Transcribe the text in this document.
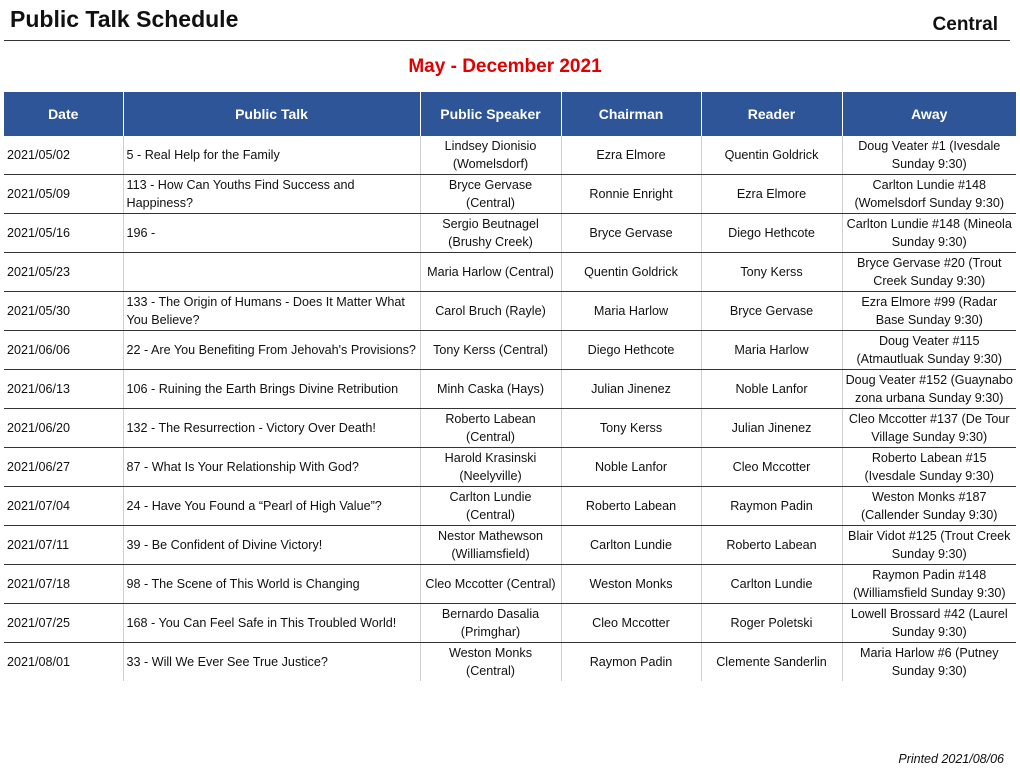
Public Talk Schedule	Central
May - December 2021
Date	Public Talk	Public Speaker	Chairman	Reader	Away
2021/05/02	5 - Real Help for the Family	Lindsey Dionisio (Womelsdorf)	Ezra Elmore	Quentin Goldrick	Doug Veater #1 (Ivesdale Sunday 9:30)
2021/05/09	113 - How Can Youths Find Success and Happiness?	Bryce Gervase (Central)	Ronnie Enright	Ezra Elmore	Carlton Lundie #148 (Womelsdorf Sunday 9:30)
2021/05/16	196 -	Sergio Beutnagel (Brushy Creek)	Bryce Gervase	Diego Hethcote	Carlton Lundie #148 (Mineola Sunday 9:30)
2021/05/23		Maria Harlow (Central)	Quentin Goldrick	Tony Kerss	Bryce Gervase #20 (Trout Creek Sunday 9:30)
2021/05/30	133 - The Origin of Humans - Does It Matter What You Believe?	Carol Bruch (Rayle)	Maria Harlow	Bryce Gervase	Ezra Elmore #99 (Radar Base Sunday 9:30)
2021/06/06	22 - Are You Benefiting From Jehovah's Provisions?	Tony Kerss (Central)	Diego Hethcote	Maria Harlow	Doug Veater #115 (Atmautluak Sunday 9:30)
2021/06/13	106 - Ruining the Earth Brings Divine Retribution	Minh Caska (Hays)	Julian Jinenez	Noble Lanfor	Doug Veater #152 (Guaynabo zona urbana Sunday 9:30)
2021/06/20	132 - The Resurrection - Victory Over Death!	Roberto Labean (Central)	Tony Kerss	Julian Jinenez	Cleo Mccotter #137 (De Tour Village Sunday 9:30)
2021/06/27	87 - What Is Your Relationship With God?	Harold Krasinski (Neelyville)	Noble Lanfor	Cleo Mccotter	Roberto Labean #15 (Ivesdale Sunday 9:30)
2021/07/04	24 - Have You Found a “Pearl of High Value”?	Carlton Lundie (Central)	Roberto Labean	Raymon Padin	Weston Monks #187 (Callender Sunday 9:30)
2021/07/11	39 - Be Confident of Divine Victory!	Nestor Mathewson (Williamsfield)	Carlton Lundie	Roberto Labean	Blair Vidot #125 (Trout Creek Sunday 9:30)
2021/07/18	98 - The Scene of This World is Changing	Cleo Mccotter (Central)	Weston Monks	Carlton Lundie	Raymon Padin #148 (Williamsfield Sunday 9:30)
2021/07/25	168 - You Can Feel Safe in This Troubled World!	Bernardo Dasalia (Primghar)	Cleo Mccotter	Roger Poletski	Lowell Brossard #42 (Laurel Sunday 9:30)
2021/08/01	33 - Will We Ever See True Justice?	Weston Monks (Central)	Raymon Padin	Clemente Sanderlin	Maria Harlow #6 (Putney Sunday 9:30)
Printed 2021/08/06
